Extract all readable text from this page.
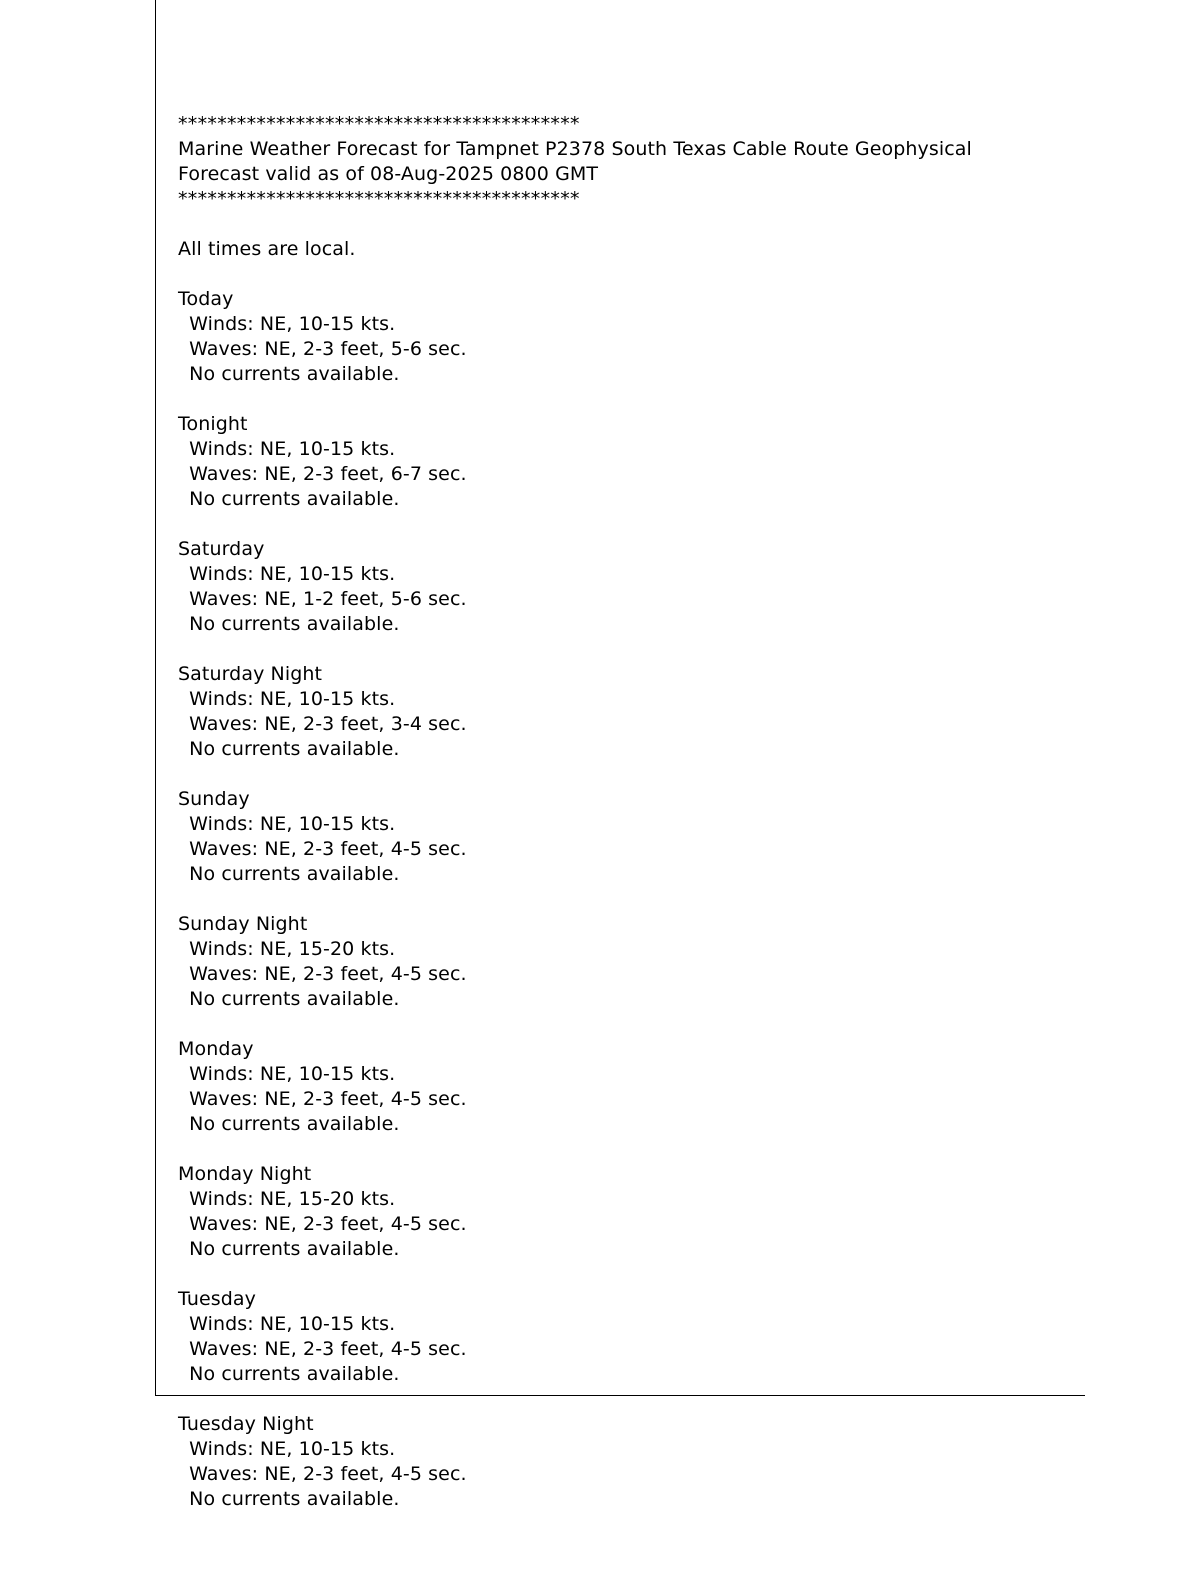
*****************************************
Marine Weather Forecast for Tampnet P2378 South Texas Cable Route Geophysical
Forecast valid as of 08-Aug-2025 0800 GMT
*****************************************
All times are local.
Today
Winds: NE, 10-15 kts.
Waves: NE, 2-3 feet, 5-6 sec.
No currents available.
Tonight
Winds: NE, 10-15 kts.
Waves: NE, 2-3 feet, 6-7 sec.
No currents available.
Saturday
Winds: NE, 10-15 kts.
Waves: NE, 1-2 feet, 5-6 sec.
No currents available.
Saturday Night
Winds: NE, 10-15 kts.
Waves: NE, 2-3 feet, 3-4 sec.
No currents available.
Sunday
Winds: NE, 10-15 kts.
Waves: NE, 2-3 feet, 4-5 sec.
No currents available.
Sunday Night
Winds: NE, 15-20 kts.
Waves: NE, 2-3 feet, 4-5 sec.
No currents available.
Monday
Winds: NE, 10-15 kts.
Waves: NE, 2-3 feet, 4-5 sec.
No currents available.
Monday Night
Winds: NE, 15-20 kts.
Waves: NE, 2-3 feet, 4-5 sec.
No currents available.
Tuesday
Winds: NE, 10-15 kts.
Waves: NE, 2-3 feet, 4-5 sec.
No currents available.
Tuesday Night
Winds: NE, 10-15 kts.
Waves: NE, 2-3 feet, 4-5 sec.
No currents available.
